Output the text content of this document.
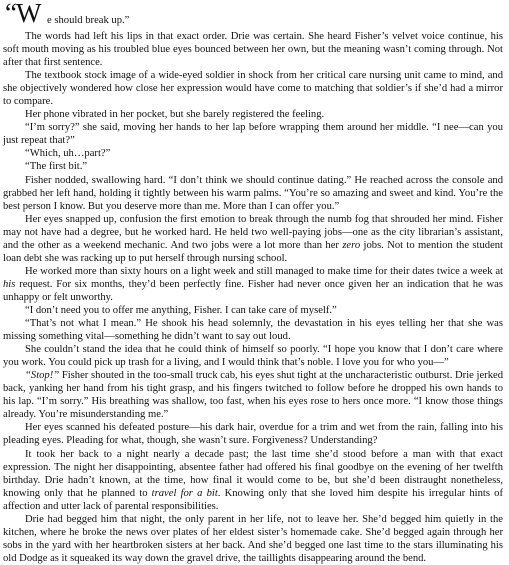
“W e should break up.”

The words had left his lips in that exact order. Drie was certain. She heard Fisher’s velvet voice continue, his soft mouth moving as his troubled blue eyes bounced between her own, but the meaning wasn’t coming through. Not after that first sentence.

The textbook stock image of a wide-eyed soldier in shock from her critical care nursing unit came to mind, and she objectively wondered how close her expression would have come to matching that soldier’s if she’d had a mirror to compare.

Her phone vibrated in her pocket, but she barely registered the feeling.

“I’m sorry?” she said, moving her hands to her lap before wrapping them around her middle. “I nee—can you just repeat that?”

“Which, uh…part?”

“The first bit.”

Fisher nodded, swallowing hard. “I don’t think we should continue dating.” He reached across the console and grabbed her left hand, holding it tightly between his warm palms. “You’re so amazing and sweet and kind. You’re the best person I know. But you deserve more than me. More than I can offer you.”

Her eyes snapped up, confusion the first emotion to break through the numb fog that shrouded her mind. Fisher may not have had a degree, but he worked hard. He held two well-paying jobs—one as the city librarian’s assistant, and the other as a weekend mechanic. And two jobs were a lot more than her zero jobs. Not to mention the student loan debt she was racking up to put herself through nursing school.

He worked more than sixty hours on a light week and still managed to make time for their dates twice a week at his request. For six months, they’d been perfectly fine. Fisher had never once given her an indication that he was unhappy or felt unworthy.

“I don’t need you to offer me anything, Fisher. I can take care of myself.”

“That’s not what I mean.” He shook his head solemnly, the devastation in his eyes telling her that she was missing something vital—something he didn’t want to say out loud.

She couldn’t stand the idea that he could think of himself so poorly. “I hope you know that I don’t care where you work. You could pick up trash for a living, and I would think that’s noble. I love you for who you—”

“Stop!” Fisher shouted in the too-small truck cab, his eyes shut tight at the uncharacteristic outburst. Drie jerked back, yanking her hand from his tight grasp, and his fingers twitched to follow before he dropped his own hands to his lap. “I’m sorry.” His breathing was shallow, too fast, when his eyes rose to hers once more. “I know those things already. You’re misunderstanding me.”

Her eyes scanned his defeated posture—his dark hair, overdue for a trim and wet from the rain, falling into his pleading eyes. Pleading for what, though, she wasn’t sure. Forgiveness? Understanding?

It took her back to a night nearly a decade past; the last time she’d stood before a man with that exact expression. The night her disappointing, absentee father had offered his final goodbye on the evening of her twelfth birthday. Drie hadn’t known, at the time, how final it would come to be, but she’d been distraught nonetheless, knowing only that he planned to travel for a bit. Knowing only that she loved him despite his irregular hints of affection and utter lack of parental responsibilities.

Drie had begged him that night, the only parent in her life, not to leave her. She’d begged him quietly in the kitchen, where he broke the news over plates of her eldest sister’s homemade cake. She’d begged again through her sobs in the yard with her heartbroken sisters at her back. And she’d begged one last time to the stars illuminating his old Dodge as it squeaked its way down the gravel drive, the taillights disappearing around the bend.
